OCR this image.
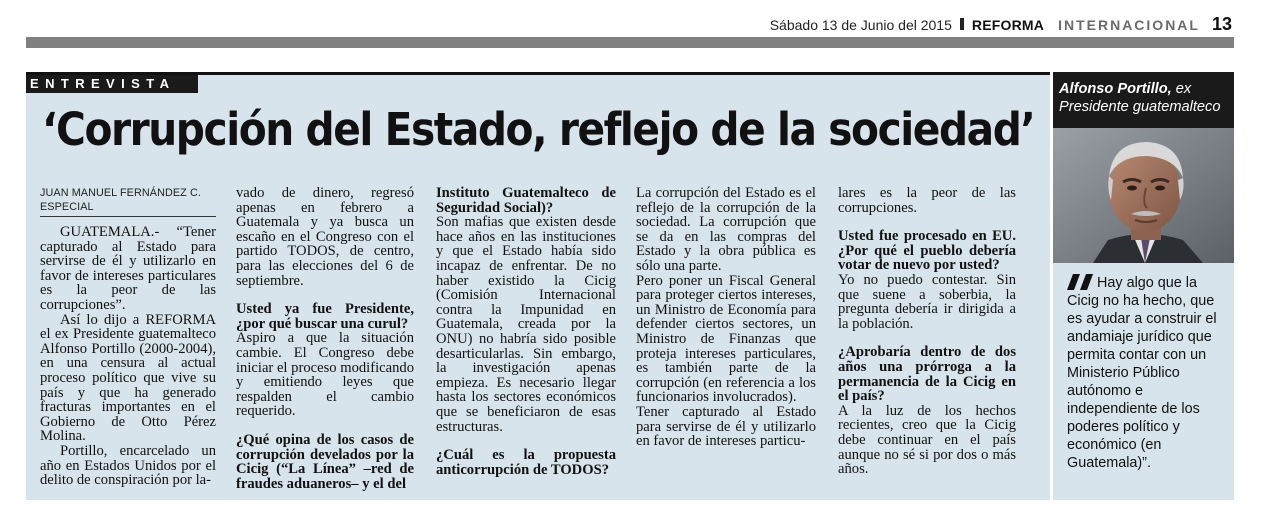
Sábado 13 de Junio del 2015 REFORMA INTERNACIONAL 13
ENTREVISTA
‘Corrupción del Estado, reflejo de la sociedad’
JUAN MANUEL FERNÁNDEZ C.
ESPECIAL

GUATEMALA.- “Tener capturado al Estado para servirse de él y utilizarlo en favor de intereses particulares es la peor de las corrupciones”.

Así lo dijo a REFORMA el ex Presidente guatemalteco Alfonso Portillo (2000-2004), en una censura al actual proceso político que vive su país y que ha generado fracturas importantes en el Gobierno de Otto Pérez Molina.

Portillo, encarcelado un año en Estados Unidos por el delito de conspiración por la-

vado de dinero, regresó apenas en febrero a Guatemala y ya busca un escaño en el Congreso con el partido TODOS, de centro, para las elecciones del 6 de septiembre.

Usted ya fue Presidente, ¿por qué buscar una curul?

Aspiro a que la situación cambie. El Congreso debe iniciar el proceso modificando y emitiendo leyes que respalden el cambio requerido.

¿Qué opina de los casos de corrupción develados por la Cicig (“La Línea” –red de fraudes aduaneros– y el del

Instituto Guatemalteco de Seguridad Social)?

Son mafias que existen desde hace años en las instituciones y que el Estado había sido incapaz de enfrentar. De no haber existido la Cicig (Comisión Internacional contra la Impunidad en Guatemala, creada por la ONU) no habría sido posible desarticularlas. Sin embargo, la investigación apenas empieza. Es necesario llegar hasta los sectores económicos que se beneficiaron de esas estructuras.

¿Cuál es la propuesta anticorrupción de TODOS?

La corrupción del Estado es el reflejo de la corrupción de la sociedad. La corrupción que se da en las compras del Estado y la obra pública es sólo una parte.

Pero poner un Fiscal General para proteger ciertos intereses, un Ministro de Economía para defender ciertos sectores, un Ministro de Finanzas que proteja intereses particulares, es también parte de la corrupción (en referencia a los funcionarios involucrados).

Tener capturado al Estado para servirse de él y utilizarlo en favor de intereses particu-

lares es la peor de las corrupciones.

Usted fue procesado en EU. ¿Por qué el pueblo debería votar de nuevo por usted?

Yo no puedo contestar. Sin que suene a soberbia, la pregunta debería ir dirigida a la población.

¿Aprobaría dentro de dos años una prórroga a la permanencia de la Cicig en el país?

A la luz de los hechos recientes, creo que la Cicig debe continuar en el país aunque no sé si por dos o más años.

Alfonso Portillo, ex
Presidente guatemalteco
Hay algo que la Cicig no ha hecho, que es ayudar a construir el andamiaje jurídico que permita contar con un Ministerio Público autónomo e independiente de los poderes político y económico (en Guatemala)”.
